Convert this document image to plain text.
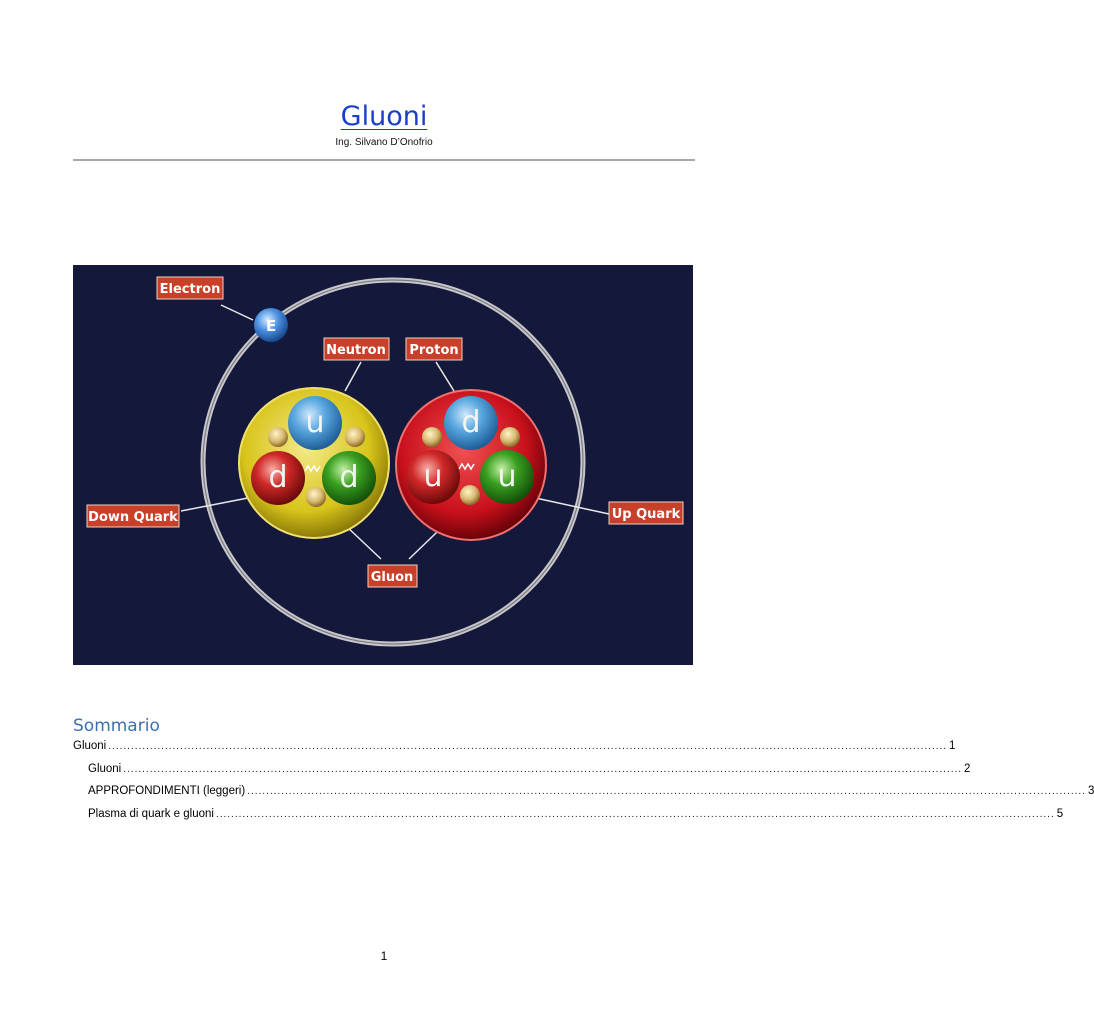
Gluoni
Ing. Silvano D’Onofrio
E
u
d d
d
u u
Electron
Neutron Proton
Down Quark	Up Quark
Gluon
Sommario
Gluoni .............................................................................................................................................................................................................................. 1
Gluoni .............................................................................................................................................................................................................................. 2
APPROFONDIMENTI (leggeri) .............................................................................................................................................................................................................................. 3
Plasma di quark e gluoni .............................................................................................................................................................................................................................. 5
1
